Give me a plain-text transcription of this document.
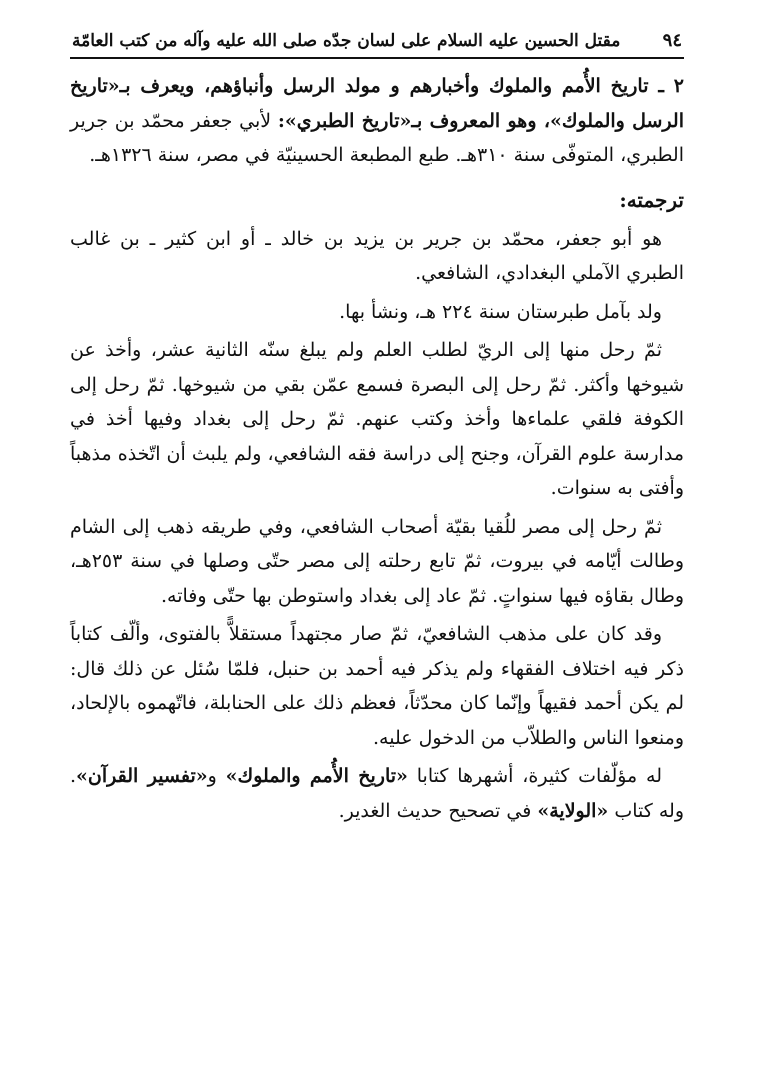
٩٤
مقتل الحسين عليه السلام على لسان جدّه صلى الله عليه وآله من كتب العامّة

٢ ـ تاريخ الأُمم والملوك وأخبارهم و مولد الرسل وأنباؤهم، ويعرف بـ«تاريخ الرسل والملوك»، وهو المعروف بـ«تاريخ الطبري»: لأبي جعفر محمّد بن جرير الطبري، المتوفّى سنة ٣١٠هـ. طبع المطبعة الحسينيّة في مصر، سنة ١٣٢٦هـ.

ترجمته:

هو أبو جعفر، محمّد بن جرير بن يزيد بن خالد ـ أو ابن كثير ـ بن غالب الطبري الآملي البغدادي، الشافعي.

ولد بآمل طبرستان سنة ٢٢٤ هـ، ونشأ بها.

ثمّ رحل منها إلى الريّ لطلب العلم ولم يبلغ سنّه الثانية عشر، وأخذ عن شيوخها وأكثر. ثمّ رحل إلى البصرة فسمع عمّن بقي من شيوخها. ثمّ رحل إلى الكوفة فلقي علماءها وأخذ وكتب عنهم. ثمّ رحل إلى بغداد وفيها أخذ في مدارسة علوم القرآن، وجنح إلى دراسة فقه الشافعي، ولم يلبث أن اتّخذه مذهباً وأفتى به سنوات.

ثمّ رحل إلى مصر للُقيا بقيّة أصحاب الشافعي، وفي طريقه ذهب إلى الشام وطالت أيّامه في بيروت، ثمّ تابع رحلته إلى مصر حتّى وصلها في سنة ٢٥٣هـ، وطال بقاؤه فيها سنواتٍ. ثمّ عاد إلى بغداد واستوطن بها حتّى وفاته.

وقد كان على مذهب الشافعيّ، ثمّ صار مجتهداً مستقلاًّ بالفتوى، وألّف كتاباً ذكر فيه اختلاف الفقهاء ولم يذكر فيه أحمد بن حنبل، فلمّا سُئل عن ذلك قال: لم يكن أحمد فقيهاً وإنّما كان محدّثاً، فعظم ذلك على الحنابلة، فاتّهموه بالإلحاد، ومنعوا الناس والطلاّب من الدخول عليه.

له مؤلّفات كثيرة، أشهرها كتابا «تاريخ الأُمم والملوك» و«تفسير القرآن». وله كتاب «الولاية» في تصحيح حديث الغدير.
